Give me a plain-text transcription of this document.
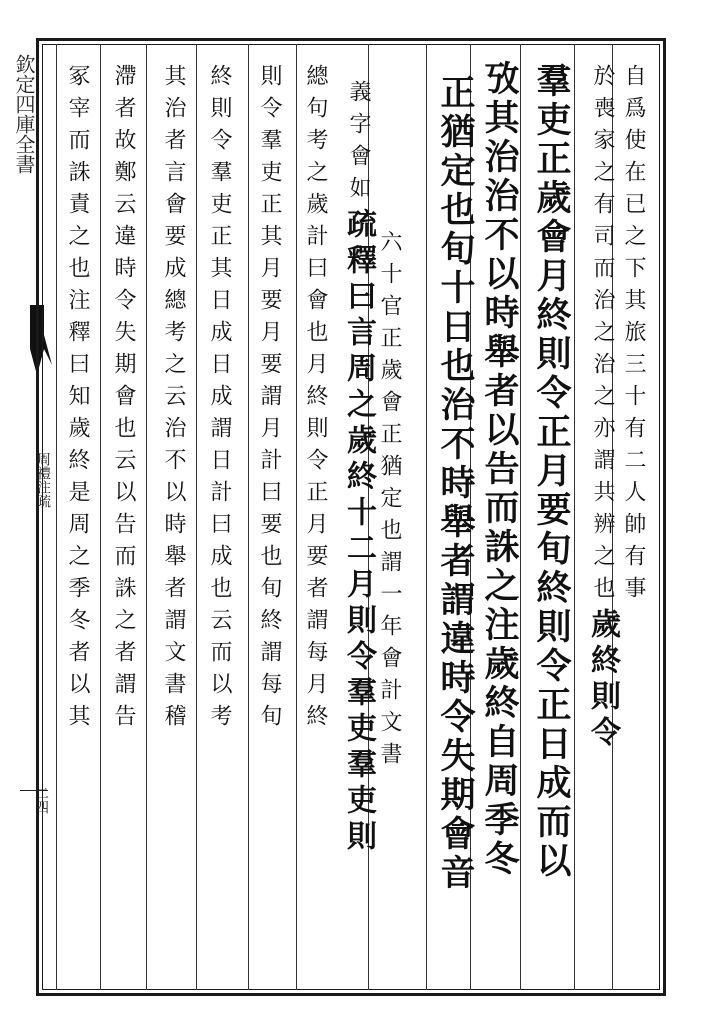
欽定四庫全書
周禮注疏
二四
自爲使在已之下其旅三十有二人帥有事
於喪家之有司而治之治之亦謂共辨之也歲終則令
羣吏正歲會月終則令正月要旬終則令正日成而以
攷其治治不以時舉者以告而誅之注歲終自周季冬
正猶定也旬十日也治不時舉者謂違時令失期會音
義字會如疏釋曰言周之歲終十二月則令羣吏羣吏則 六十官正歲會正猶定也謂一年會計文書
總句考之歲計曰會也月終則令正月要者謂每月終
則令羣吏正其月要月要謂月計曰要也旬終謂每旬
終則令羣吏正其日成日成謂日計曰成也云而以考
其治者言會要成總考之云治不以時舉者謂文書稽
滯者故鄭云違時令失期會也云以告而誅之者謂告
冢宰而誅責之也注釋曰知歲終是周之季冬者以其
